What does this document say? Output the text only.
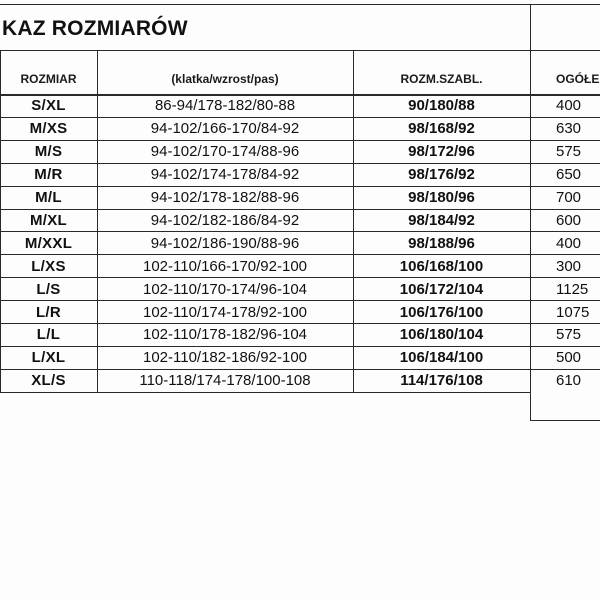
KAZ ROZMIARÓW
ROZMIAR	(klatka/wzrost/pas)	ROZM.SZABL.	OGÓŁE
S/XL	86-94/178-182/80-88	90/180/88	400
M/XS	94-102/166-170/84-92	98/168/92	630
M/S	94-102/170-174/88-96	98/172/96	575
M/R	94-102/174-178/84-92	98/176/92	650
M/L	94-102/178-182/88-96	98/180/96	700
M/XL	94-102/182-186/84-92	98/184/92	600
M/XXL	94-102/186-190/88-96	98/188/96	400
L/XS	102-110/166-170/92-100	106/168/100	300
L/S	102-110/170-174/96-104	106/172/104	1125
L/R	102-110/174-178/92-100	106/176/100	1075
L/L	102-110/178-182/96-104	106/180/104	575
L/XL	102-110/182-186/92-100	106/184/100	500
XL/S	110-118/174-178/100-108	114/176/108	610
